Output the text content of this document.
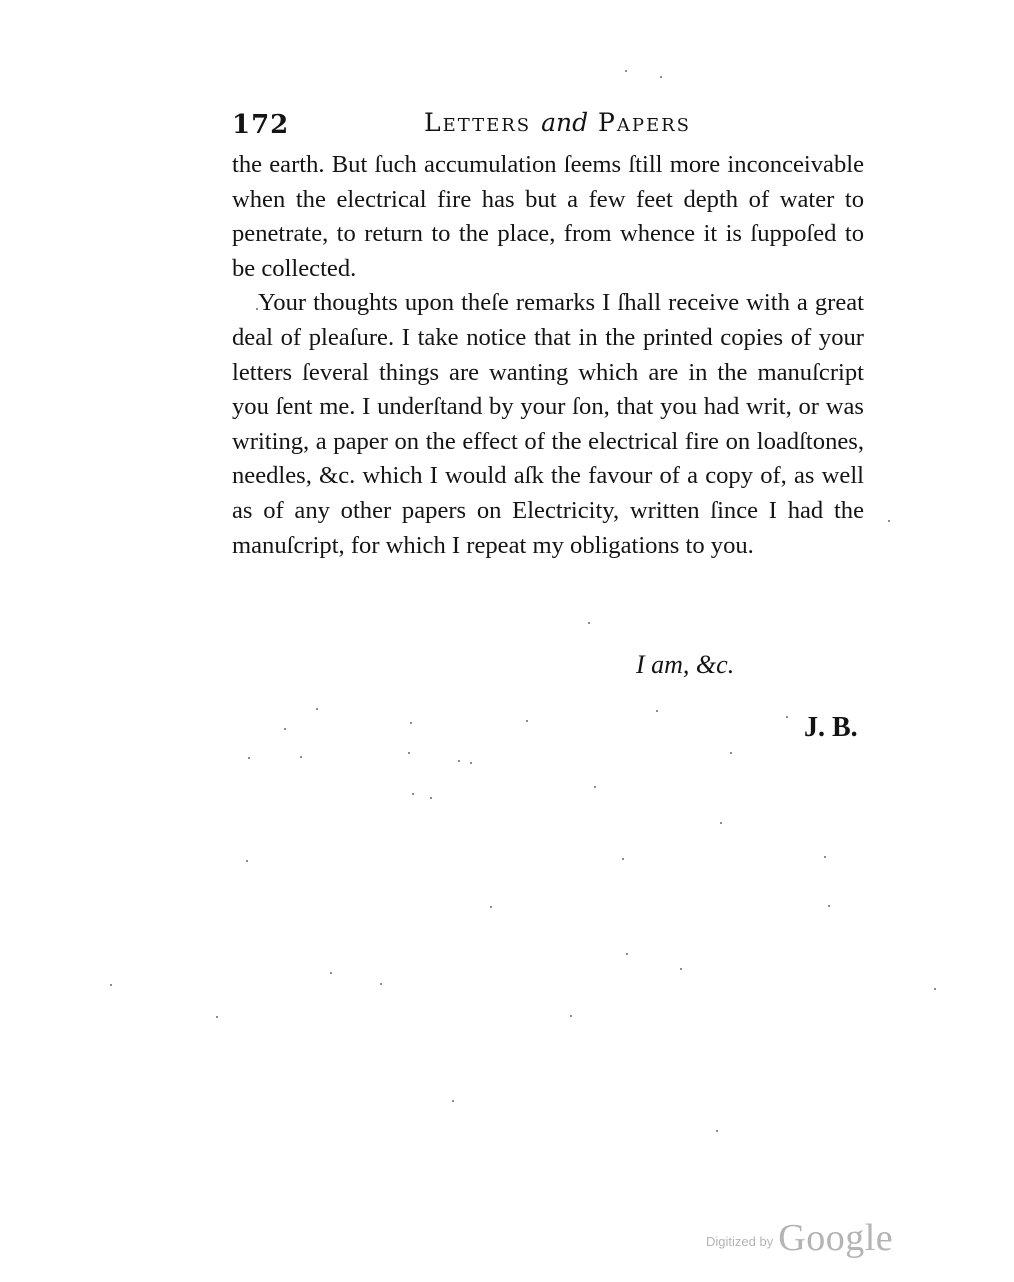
172	Letters and Papers

the earth. But ſuch accumulation ſeems ſtill more inconceivable when the electrical fire has but a few feet depth of water to penetrate, to return to the place, from whence it is ſuppoſed to be collected.

Your thoughts upon theſe remarks I ſhall receive with a great deal of pleaſure. I take notice that in the printed copies of your letters ſeveral things are wanting which are in the manuſcript you ſent me. I underſtand by your ſon, that you had writ, or was writing, a paper on the effect of the electrical fire on loadſtones, needles, &c. which I would aſk the favour of a copy of, as well as of any other papers on Electricity, written ſince I had the manuſcript, for which I repeat my obligations to you.

I am, &c.
J. B.
$^{Digitized by}$ Google
